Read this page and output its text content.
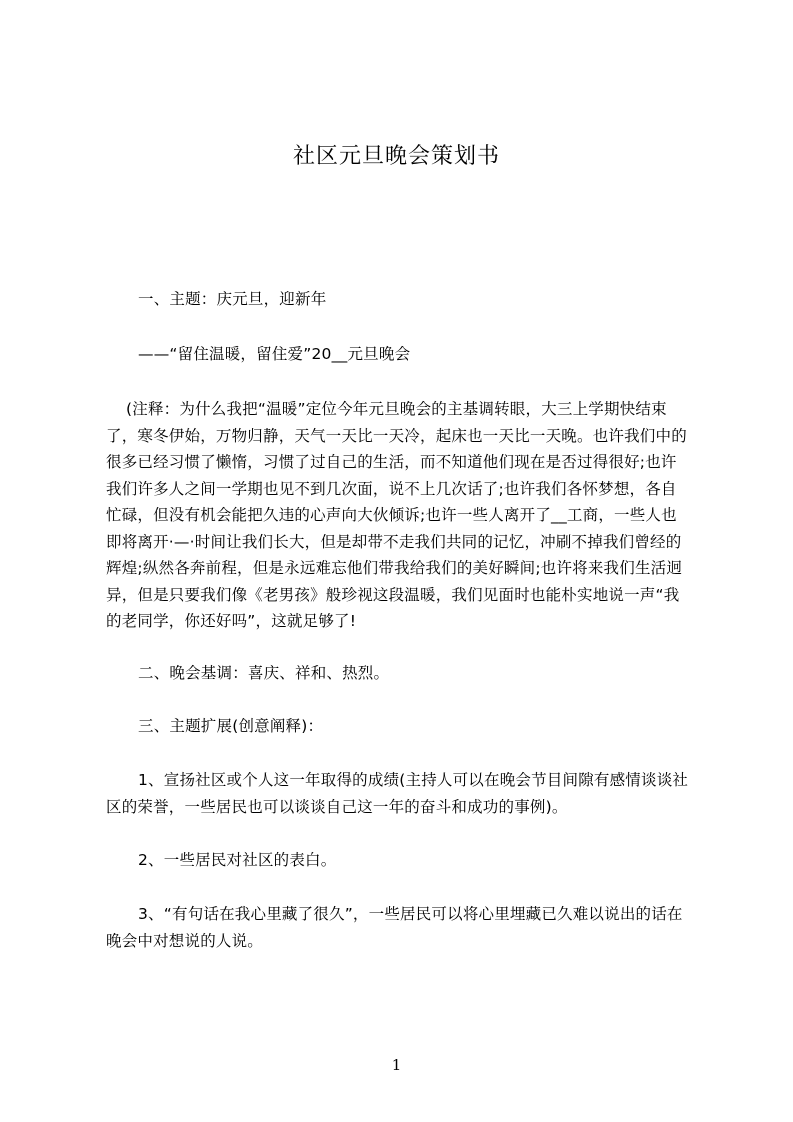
社区元旦晚会策划书
一、主题：庆元旦，迎新年
——“留住温暖，留住爱”20__元旦晚会
(注释：为什么我把“温暖”定位今年元旦晚会的主基调转眼，大三上学期快结束了，寒冬伊始，万物归静，天气一天比一天冷，起床也一天比一天晚。也许我们中的很多已经习惯了懒惰，习惯了过自己的生活，而不知道他们现在是否过得很好;也许我们许多人之间一学期也见不到几次面，说不上几次话了;也许我们各怀梦想，各自忙碌，但没有机会能把久违的心声向大伙倾诉;也许一些人离开了__工商，一些人也即将离开·—·时间让我们长大，但是却带不走我们共同的记忆，冲刷不掉我们曾经的辉煌;纵然各奔前程，但是永远难忘他们带我给我们的美好瞬间;也许将来我们生活迥异，但是只要我们像《老男孩》般珍视这段温暖，我们见面时也能朴实地说一声“我的老同学，你还好吗”，这就足够了!
二、晚会基调：喜庆、祥和、热烈。
三、主题扩展(创意阐释)：
1、宣扬社区或个人这一年取得的成绩(主持人可以在晚会节目间隙有感情谈谈社区的荣誉，一些居民也可以谈谈自己这一年的奋斗和成功的事例)。
2、一些居民对社区的表白。
3、“有句话在我心里藏了很久”，一些居民可以将心里埋藏已久难以说出的话在晚会中对想说的人说。
1
